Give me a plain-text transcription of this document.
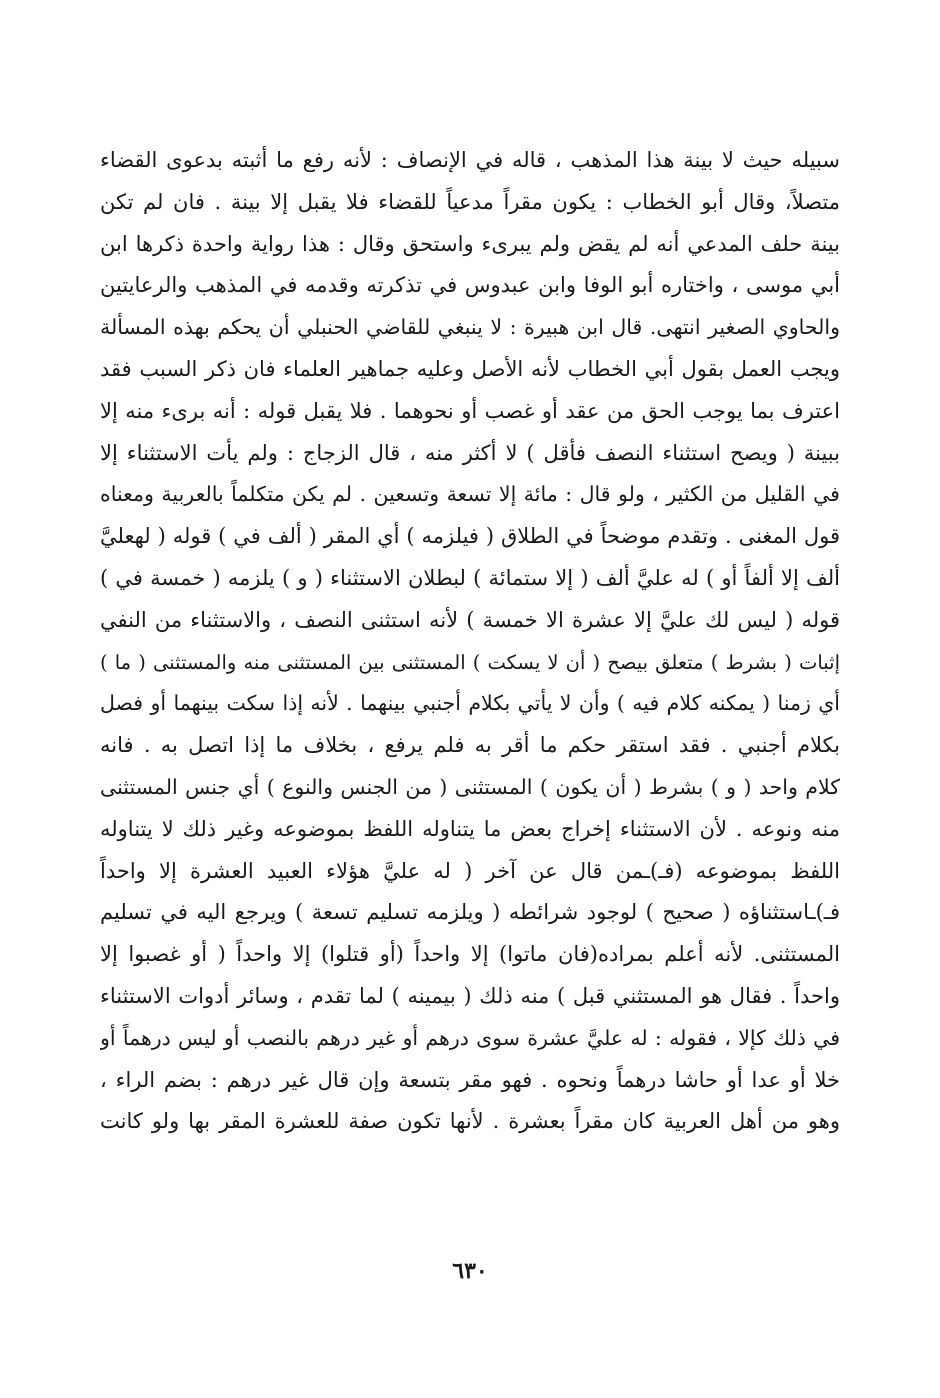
سبيله حيث لا بينة هذا المذهب ، قاله في الإنصاف : لأنه رفع ما أثبته بدعوى القضاء
متصلاً، وقال أبو الخطاب : يكون مقراً مدعياً للقضاء فلا يقبل إلا بينة . فان لم تكن
بينة حلف المدعي أنه لم يقض ولم يبرىء واستحق وقال : هذا رواية واحدة ذكرها ابن
أبي موسى ، واختاره أبو الوفا وابن عبدوس في تذكرته وقدمه في المذهب والرعايتين
والحاوي الصغير انتهى. قال ابن هبيرة : لا ينبغي للقاضي الحنبلي أن يحكم بهذه المسألة
ويجب العمل بقول أبي الخطاب لأنه الأصل وعليه جماهير العلماء فان ذكر السبب فقد
اعترف بما يوجب الحق من عقد أو غصب أو نحوهما . فلا يقبل قوله : أنه برىء منه إلا
ببينة ( ويصح استثناء النصف فأقل ) لا أكثر منه ، قال الزجاج : ولم يأت الاستثناء إلا
في القليل من الكثير ، ولو قال : مائة إلا تسعة وتسعين . لم يكن متكلماً بالعربية ومعناه
قول المغنى . وتقدم موضحاً في الطلاق ( فيلزمه ) أي المقر ( ألف في ) قوله ( لهعليَّ
ألف إلا ألفاً أو ) له عليَّ ألف ( إلا ستمائة ) لبطلان الاستثناء ( و ) يلزمه ( خمسة في )
قوله ( ليس لك عليَّ إلا عشرة الا خمسة ) لأنه استثنى النصف ، والاستثناء من النفي
إثبات ( بشرط ) متعلق بيصح ( أن لا يسكت ) المستثنى بين المستثنى منه والمستثنى ( ما )
أي زمنا ( يمكنه كلام فيه ) وأن لا يأتي بكلام أجنبي بينهما . لأنه إذا سكت بينهما أو فصل
بكلام أجنبي . فقد استقر حكم ما أقر به فلم يرفع ، بخلاف ما إذا اتصل به . فانه
كلام واحد ( و ) بشرط ( أن يكون ) المستثنى ( من الجنس والنوع ) أي جنس المستثنى
منه ونوعه . لأن الاستثناء إخراج بعض ما يتناوله اللفظ بموضوعه وغير ذلك لا يتناوله
اللفظ بموضوعه (فـ)ـمن قال عن آخر ( له عليَّ هؤلاء العبيد العشرة إلا واحداً
فـ)ـاستثناؤه ( صحيح ) لوجود شرائطه ( ويلزمه تسليم تسعة ) ويرجع اليه في تسليم
المستثنى. لأنه أعلم بمراده(فان ماتوا) إلا واحداً (أو قتلوا) إلا واحداً ( أو غصبوا إلا
واحداً . فقال هو المستثني قبل ) منه ذلك ( بيمينه ) لما تقدم ، وسائر أدوات الاستثناء
في ذلك كإلا ، فقوله : له عليَّ عشرة سوى درهم أو غير درهم بالنصب أو ليس درهماً أو
خلا أو عدا أو حاشا درهماً ونحوه . فهو مقر بتسعة وإن قال غير درهم : بضم الراء ،
وهو من أهل العربية كان مقراً بعشرة . لأنها تكون صفة للعشرة المقر بها ولو كانت
٦٣٠
